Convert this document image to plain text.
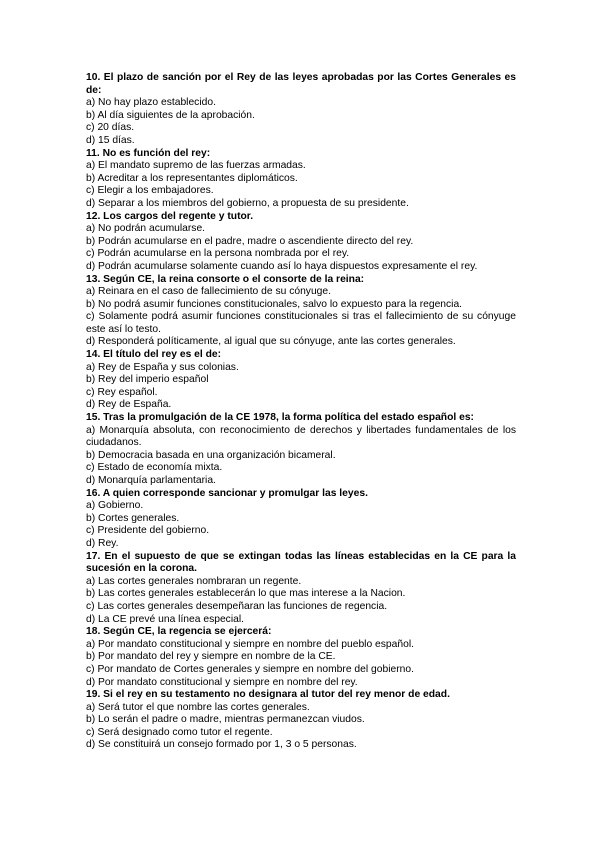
10. El plazo de sanción por el Rey de las leyes aprobadas por las Cortes Generales es de:
a) No hay plazo establecido.
b) Al día siguientes de la aprobación.
c) 20 días.
d) 15 días.
11. No es función del rey:
a) El mandato supremo de las fuerzas armadas.
b) Acreditar a los representantes diplomáticos.
c) Elegir a los embajadores.
d) Separar a los miembros del gobierno, a propuesta de su presidente.
12. Los cargos del regente y tutor.
a) No podrán acumularse.
b) Podrán acumularse en el padre, madre o ascendiente directo del rey.
c) Podrán acumularse en la persona nombrada por el rey.
d) Podrán acumularse solamente cuando así lo haya dispuestos expresamente el rey.
13. Según CE, la reina consorte o el consorte de la reina:
a) Reinara en el caso de fallecimiento de su cónyuge.
b) No podrá asumir funciones constitucionales, salvo lo expuesto para la regencia.
c) Solamente podrá asumir funciones constitucionales si tras el fallecimiento de su cónyuge este así lo testo.
d) Responderá políticamente, al igual que su cónyuge, ante las cortes generales.
14. El título del rey es el de:
a) Rey de España y sus colonias.
b) Rey del imperio español
c) Rey español.
d) Rey de España.
15. Tras la promulgación de la CE 1978, la forma política del estado español es:
a) Monarquía absoluta, con reconocimiento de derechos y libertades fundamentales de los ciudadanos.
b) Democracia basada en una organización bicameral.
c) Estado de economía mixta.
d) Monarquía parlamentaria.
16. A quien corresponde sancionar y promulgar las leyes.
a) Gobierno.
b) Cortes generales.
c) Presidente del gobierno.
d) Rey.
17. En el supuesto de que se extingan todas las líneas establecidas en la CE para la sucesión en la corona.
a) Las cortes generales nombraran un regente.
b) Las cortes generales establecerán lo que mas interese a la Nacion.
c) Las cortes generales desempeñaran las funciones de regencia.
d) La CE prevé una línea especial.
18. Según CE, la regencia se ejercerá:
a) Por mandato constitucional y siempre en nombre del pueblo español.
b) Por mandato del rey y siempre en nombre de la CE.
c) Por mandato de Cortes generales y siempre en nombre del gobierno.
d) Por mandato constitucional y siempre en nombre del rey.
19. Si el rey en su testamento no designara al tutor del rey menor de edad.
a) Será tutor el que nombre las cortes generales.
b) Lo serán el padre o madre, mientras permanezcan viudos.
c) Será designado como tutor el regente.
d) Se constituirá un consejo formado por 1, 3 o 5 personas.
